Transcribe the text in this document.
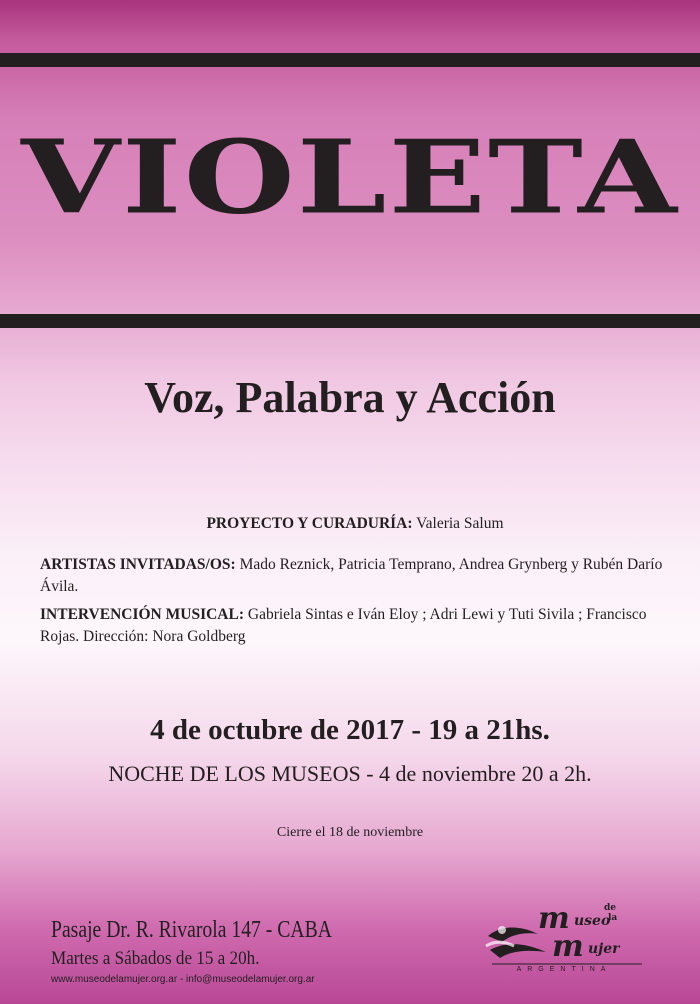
VIOLETA
Voz, Palabra y Acción
PROYECTO Y CURADURÍA: Valeria Salum
ARTISTAS INVITADAS/OS: Mado Reznick, Patricia Temprano, Andrea Grynberg y Rubén Darío Ávila.
INTERVENCIÓN MUSICAL: Gabriela Sintas e Iván Eloy ; Adri Lewi y Tuti Sivila ; Francisco Rojas. Dirección: Nora Goldberg
4 de octubre de 2017 - 19 a 21hs.
NOCHE DE LOS MUSEOS - 4 de noviembre 20 a 2h.
Cierre el 18 de noviembre
Pasaje Dr. R. Rivarola 147 - CABA
Martes a Sábados de 15 a 20h.
www.museodelamujer.org.ar - info@museodelamujer.org.ar
m useo
de
la
m ujer
ARGENTINA
